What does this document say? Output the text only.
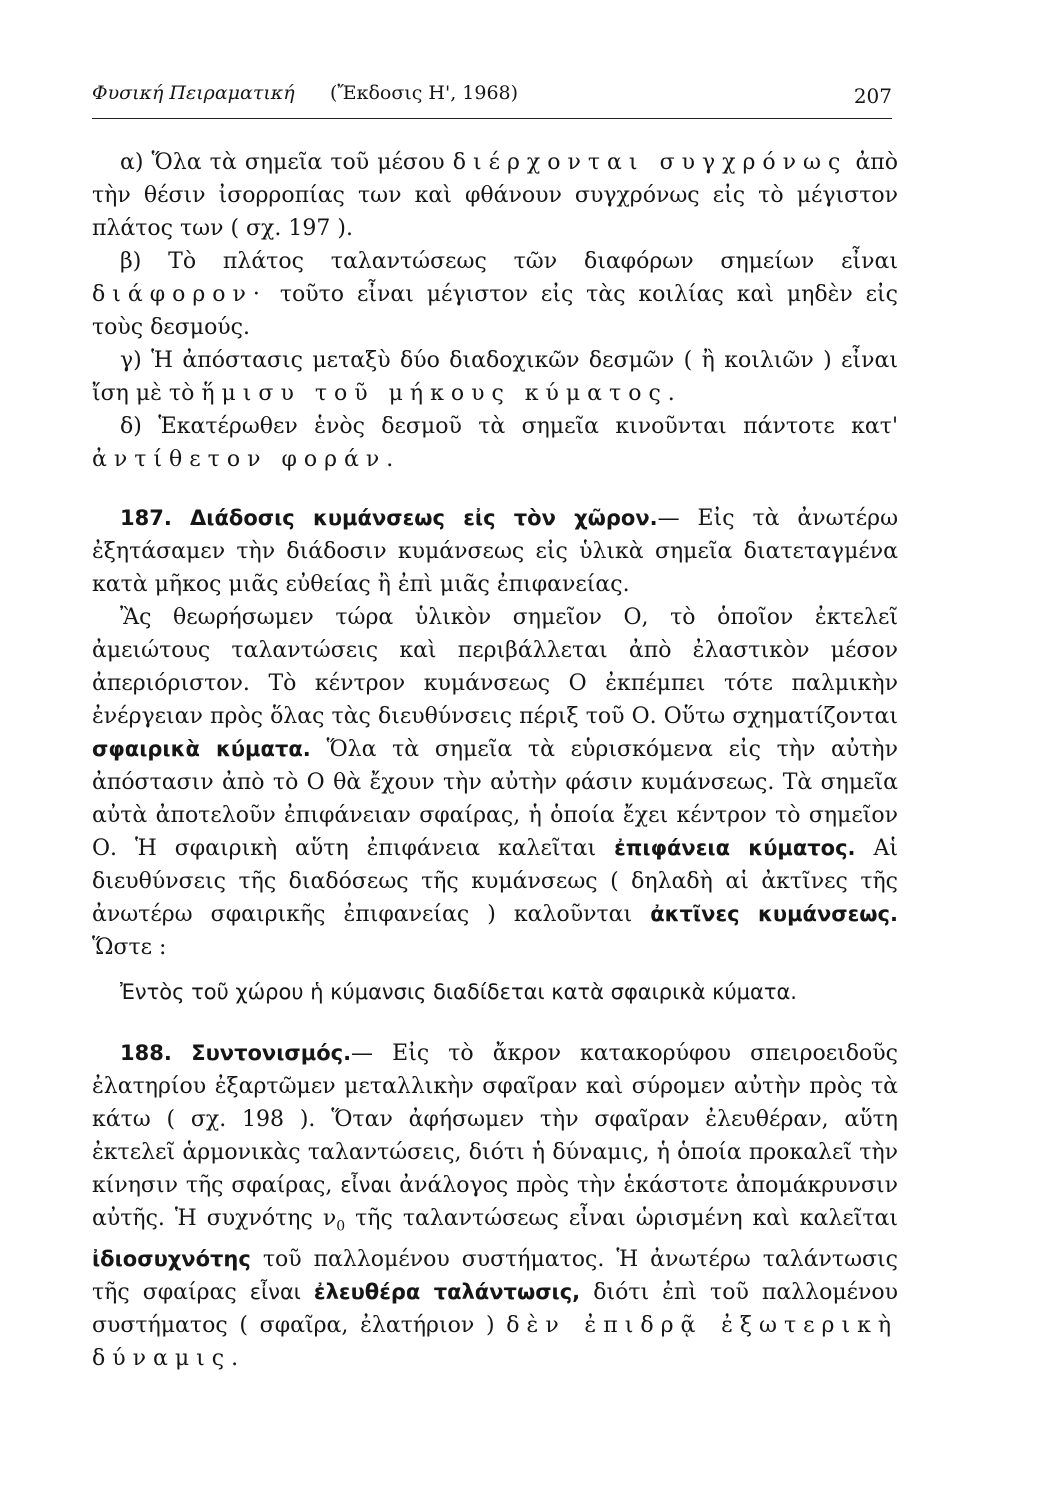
Φυσική Πειραματική (Ἔκδοσις Η', 1968)	207

α) Ὅλα τὰ σημεῖα τοῦ μέσου διέρχονται συγχρόνως ἀπὸ τὴν θέσιν ἰσορροπίας των καὶ φθάνουν συγχρόνως εἰς τὸ μέγιστον πλάτος των ( σχ. 197 ).

β) Τὸ πλάτος ταλαντώσεως τῶν διαφόρων σημείων εἶναι διάφορον· τοῦτο εἶναι μέγιστον εἰς τὰς κοιλίας καὶ μηδὲν εἰς τοὺς δεσμούς.

γ) Ἡ ἀπόστασις μεταξὺ δύο διαδοχικῶν δεσμῶν ( ἢ κοιλιῶν ) εἶναι ἴση μὲ τὸ ἥμισυ τοῦ μήκους κύματος.

δ) Ἑκατέρωθεν ἑνὸς δεσμοῦ τὰ σημεῖα κινοῦνται πάντοτε κατ' ἀντίθετον φοράν.

187. Διάδοσις κυμάνσεως εἰς τὸν χῶρον.— Εἰς τὰ ἀνωτέρω ἐξητάσαμεν τὴν διάδοσιν κυμάνσεως εἰς ὑλικὰ σημεῖα διατεταγμένα κατὰ μῆκος μιᾶς εὐθείας ἢ ἐπὶ μιᾶς ἐπιφανείας.

Ἂς θεωρήσωμεν τώρα ὑλικὸν σημεῖον Ο, τὸ ὁποῖον ἐκτελεῖ ἀμειώτους ταλαντώσεις καὶ περιβάλλεται ἀπὸ ἐλαστικὸν μέσον ἀπεριόριστον. Τὸ κέντρον κυμάνσεως Ο ἐκπέμπει τότε παλμικὴν ἐνέργειαν πρὸς ὅλας τὰς διευθύνσεις πέριξ τοῦ Ο. Οὕτω σχηματίζονται σφαιρικὰ κύματα. Ὅλα τὰ σημεῖα τὰ εὑρισκόμενα εἰς τὴν αὐτὴν ἀπόστασιν ἀπὸ τὸ Ο θὰ ἔχουν τὴν αὐτὴν φάσιν κυμάνσεως. Τὰ σημεῖα αὐτὰ ἀποτελοῦν ἐπιφάνειαν σφαίρας, ἡ ὁποία ἔχει κέντρον τὸ σημεῖον Ο. Ἡ σφαιρικὴ αὕτη ἐπιφάνεια καλεῖται ἐπιφάνεια κύματος. Αἱ διευθύνσεις τῆς διαδόσεως τῆς κυμάνσεως ( δηλαδὴ αἱ ἀκτῖνες τῆς ἀνωτέρω σφαιρικῆς ἐπιφανείας ) καλοῦνται ἀκτῖνες κυμάνσεως. Ὥστε :

Ἐντὸς τοῦ χώρου ἡ κύμανσις διαδίδεται κατὰ σφαιρικὰ κύματα.

188. Συντονισμός.— Εἰς τὸ ἄκρον κατακορύφου σπειροειδοῦς ἐλατηρίου ἐξαρτῶμεν μεταλλικὴν σφαῖραν καὶ σύρομεν αὐτὴν πρὸς τὰ κάτω ( σχ. 198 ). Ὅταν ἀφήσωμεν τὴν σφαῖραν ἐλευθέραν, αὕτη ἐκτελεῖ ἁρμονικὰς ταλαντώσεις, διότι ἡ δύναμις, ἡ ὁποία προκαλεῖ τὴν κίνησιν τῆς σφαίρας, εἶναι ἀνάλογος πρὸς τὴν ἑκάστοτε ἀπομάκρυνσιν αὐτῆς. Ἡ συχνότης $\nu_0$ τῆς ταλαντώσεως εἶναι ὡρισμένη καὶ καλεῖται ἰδιοσυχνότης τοῦ παλλομένου συστήματος. Ἡ ἀνωτέρω ταλάντωσις τῆς σφαίρας εἶναι ἐλευθέρα ταλάντωσις, διότι ἐπὶ τοῦ παλλομένου συστήματος ( σφαῖρα, ἐλατήριον ) δὲν ἐπιδρᾷ ἐξωτερικὴ δύναμις.
